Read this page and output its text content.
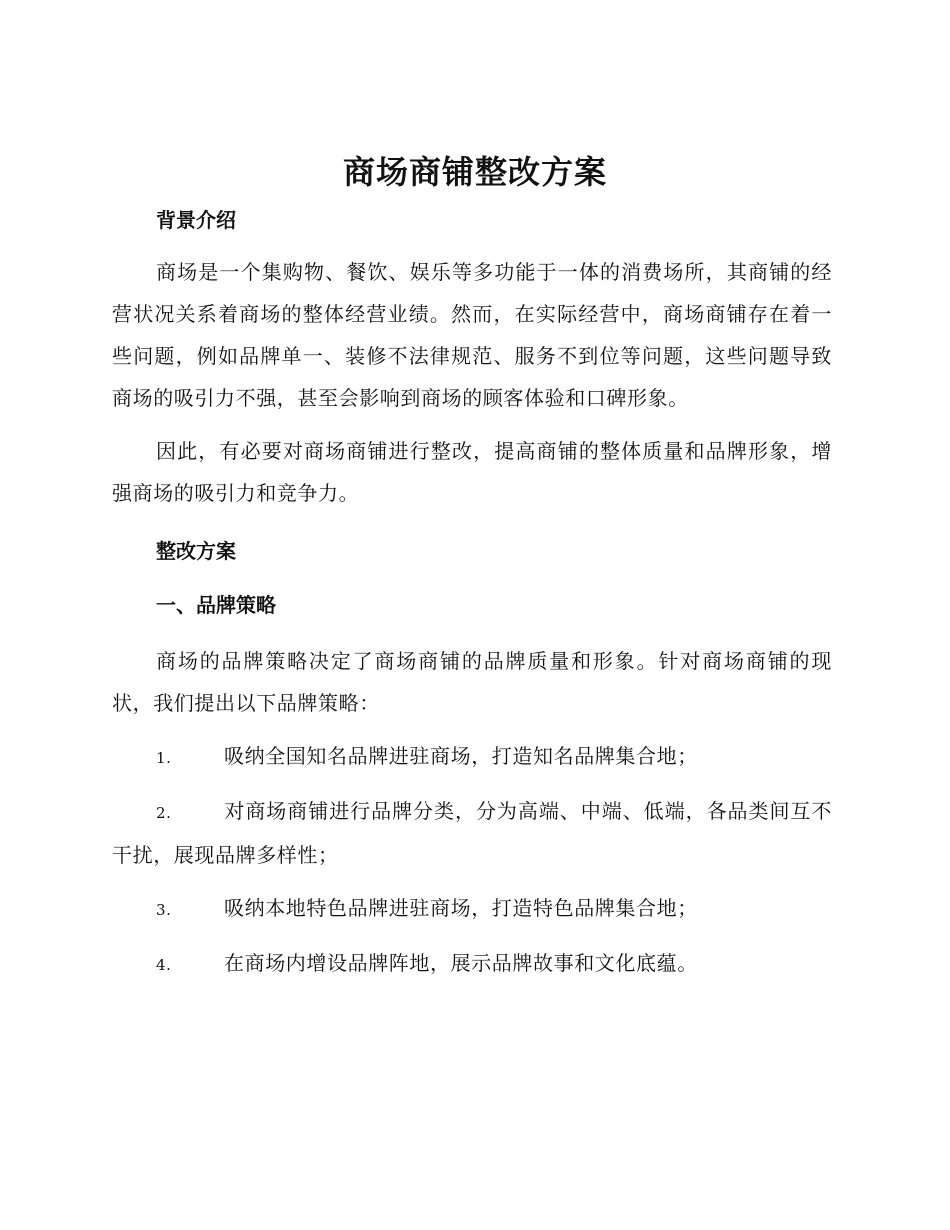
商场商铺整改方案

背景介绍

商场是一个集购物、餐饮、娱乐等多功能于一体的消费场所，其商铺的经营状况关系着商场的整体经营业绩。然而，在实际经营中，商场商铺存在着一些问题，例如品牌单一、装修不法律规范、服务不到位等问题，这些问题导致商场的吸引力不强，甚至会影响到商场的顾客体验和口碑形象。

因此，有必要对商场商铺进行整改，提高商铺的整体质量和品牌形象，增强商场的吸引力和竞争力。

整改方案

一、品牌策略

商场的品牌策略决定了商场商铺的品牌质量和形象。针对商场商铺的现状，我们提出以下品牌策略：

1.	吸纳全国知名品牌进驻商场，打造知名品牌集合地；

2.	对商场商铺进行品牌分类，分为高端、中端、低端，各品类间互不干扰，展现品牌多样性；

3.	吸纳本地特色品牌进驻商场，打造特色品牌集合地；

4.	在商场内增设品牌阵地，展示品牌故事和文化底蕴。
